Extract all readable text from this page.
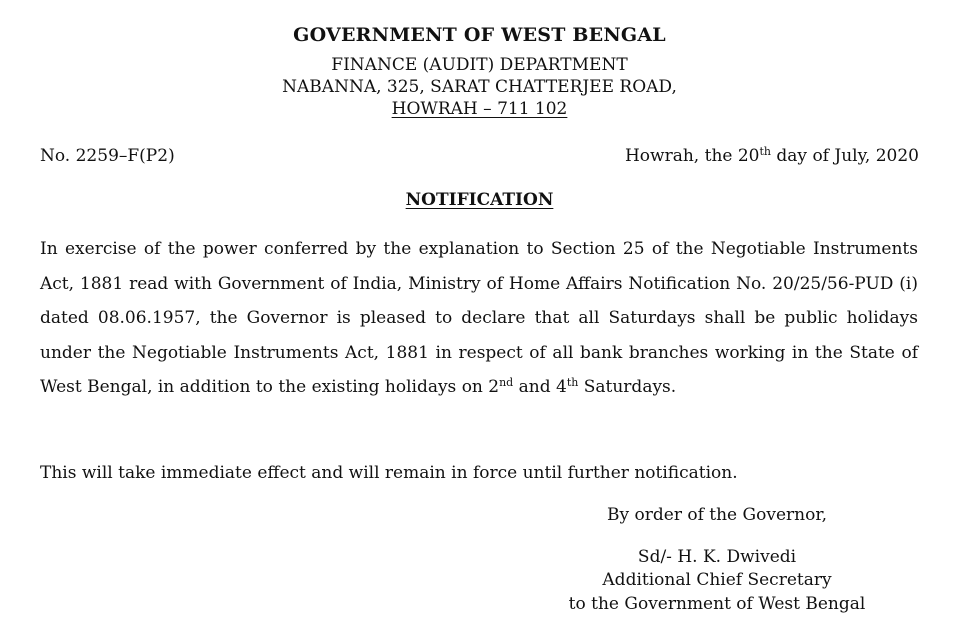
GOVERNMENT OF WEST BENGAL
FINANCE (AUDIT) DEPARTMENT
NABANNA, 325, SARAT CHATTERJEE ROAD,
HOWRAH – 711 102
No. 2259–F(P2)	Howrah, the 20th day of July, 2020
NOTIFICATION
In exercise of the power conferred by the explanation to Section 25 of the Negotiable Instruments Act, 1881 read with Government of India, Ministry of Home Affairs Notification No. 20/25/56-PUD (i) dated 08.06.1957, the Governor is pleased to declare that all Saturdays shall be public holidays under the Negotiable Instruments Act, 1881 in respect of all bank branches working in the State of West Bengal, in addition to the existing holidays on 2nd and 4th Saturdays.
This will take immediate effect and will remain in force until further notification.
By order of the Governor,
Sd/- H. K. Dwivedi
Additional Chief Secretary
to the Government of West Bengal
